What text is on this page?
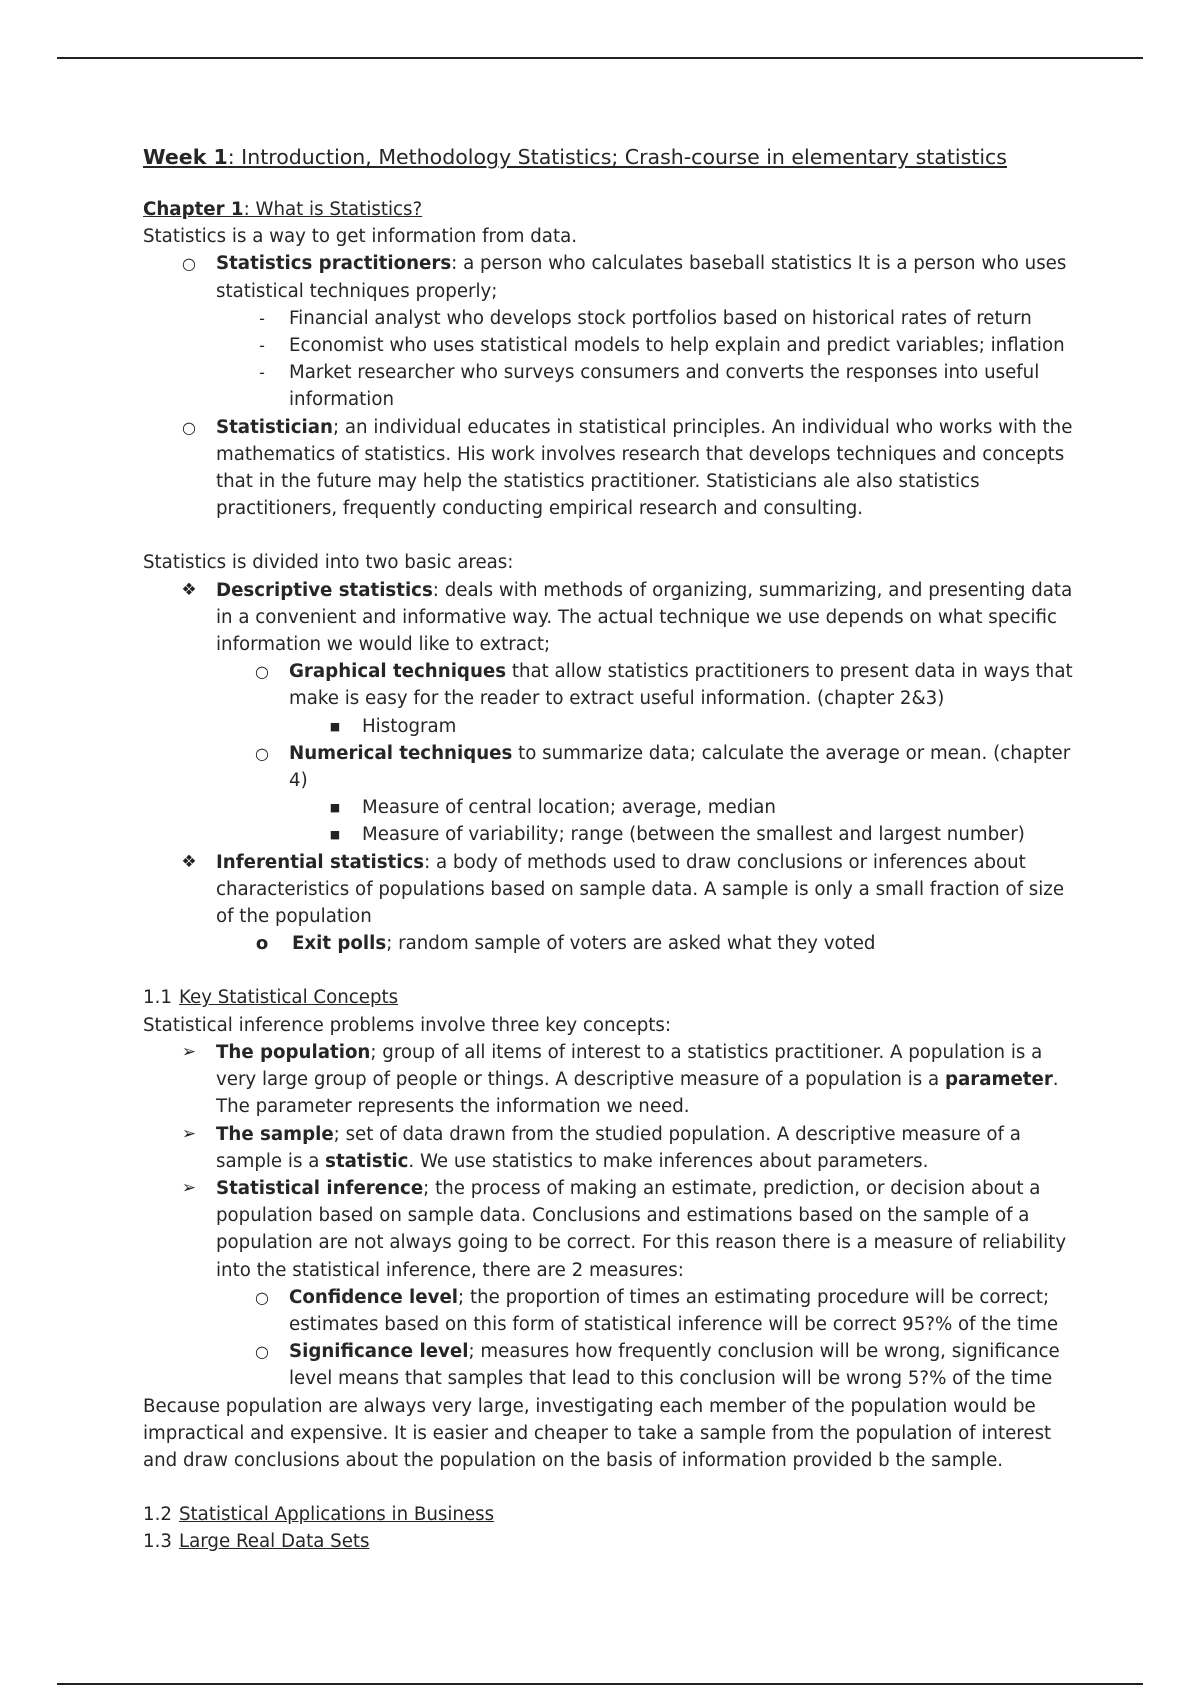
Week 1: Introduction, Methodology Statistics; Crash-course in elementary statistics

Chapter 1: What is Statistics?

Statistics is a way to get information from data.

○ Statistics practitioners: a person who calculates baseball statistics It is a person who uses statistical techniques properly;
-	Financial analyst who develops stock portfolios based on historical rates of return
-	Economist who uses statistical models to help explain and predict variables; inflation
-	Market researcher who surveys consumers and converts the responses into useful information
○ Statistician; an individual educates in statistical principles. An individual who works with the mathematics of statistics. His work involves research that develops techniques and concepts that in the future may help the statistics practitioner. Statisticians ale also statistics practitioners, frequently conducting empirical research and consulting.

Statistics is divided into two basic areas:

❖ Descriptive statistics: deals with methods of organizing, summarizing, and presenting data in a convenient and informative way. The actual technique we use depends on what specific information we would like to extract;
○ Graphical techniques that allow statistics practitioners to present data in ways that make is easy for the reader to extract useful information. (chapter 2&3)
■	Histogram
○ Numerical techniques to summarize data; calculate the average or mean. (chapter 4)
■	Measure of central location; average, median
■	Measure of variability; range (between the smallest and largest number)
❖ Inferential statistics: a body of methods used to draw conclusions or inferences about characteristics of populations based on sample data. A sample is only a small fraction of size of the population
o	Exit polls; random sample of voters are asked what they voted

1.1 Key Statistical Concepts

Statistical inference problems involve three key concepts:

➢ The population; group of all items of interest to a statistics practitioner. A population is a very large group of people or things. A descriptive measure of a population is a parameter. The parameter represents the information we need.
➢ The sample; set of data drawn from the studied population. A descriptive measure of a sample is a statistic. We use statistics to make inferences about parameters.
➢ Statistical inference; the process of making an estimate, prediction, or decision about a population based on sample data. Conclusions and estimations based on the sample of a population are not always going to be correct. For this reason there is a measure of reliability into the statistical inference, there are 2 measures:
○ Confidence level; the proportion of times an estimating procedure will be correct; estimates based on this form of statistical inference will be correct 95?% of the time
○ Significance level; measures how frequently conclusion will be wrong, significance level means that samples that lead to this conclusion will be wrong 5?% of the time

Because population are always very large, investigating each member of the population would be impractical and expensive. It is easier and cheaper to take a sample from the population of interest and draw conclusions about the population on the basis of information provided b the sample.

1.2 Statistical Applications in Business

1.3 Large Real Data Sets
